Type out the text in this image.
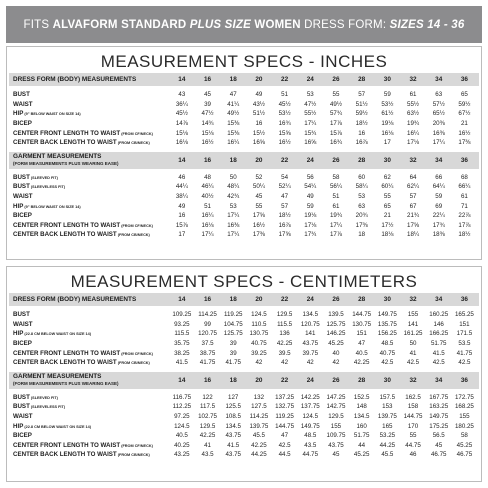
FITS
ALVAFORM STANDARD
PLUS SIZE
WOMEN
DRESS FORM:
SIZES 14 - 36
MEASUREMENT SPECS - INCHES
DRESS FORM (BODY) MEASUREMENTS	14	16	18	20	22	24	26	28	30	32	34	36
BUST	43	45	47	49	51	53	55	57	59	61	63	65
WAIST	36¼	39	41¼	43½	45½	47½	49½	51½	53½	55½	57½	59½
HIP (9" BELOW WAIST ON SIZE 14)	45½	47½	49½	51½	53½	55½	57¾	59½	61½	63½	65½	67½
BICEP	14⅞	14¾	15⅜	16	16¾	17¼	17⅞	18½	19⅛	19¾	20⅜	21
CENTER FRONT LENGTH TO WAIST (FROM CF/NECK)	15⅛	15⅛	15⅜	15½	15⅝	15¾	15⅞	16	16⅛	16¼	16⅜	16½
CENTER BACK LENGTH TO WAIST (FROM CB/NECK)	16⅛	16½	16¼	16⅝	16½	16⅝	16¾	16⅞	17	17⅛	17¼	17⅜
GARMENT MEASUREMENTS
(FORM MEASUREMENTS PLUS WEARING EASE)	14	16	18	20	22	24	26	28	30	32	34	36
BUST (SLEEVED FIT)	46	48	50	52	54	56	58	60	62	64	66	68
BUST (SLEEVELESS FIT)	44¼	46¼	48¼	50¼	52¼	54¼	56¼	58¼	60¼	62¼	64¼	66¼
WAIST	38¼	40½	42¾	45	47	49	51	53	55	57	59	61
HIP (9" BELOW WAIST ON SIZE 14)	49	51	53	55	57	59	61	63	65	67	69	71
BICEP	16	16¼	17¼	17⅝	18½	19⅛	19¾	20¾	21	21¾	22¼	22⅞
CENTER FRONT LENGTH TO WAIST (FROM CF/NECK)	15⅞	16⅛	16⅜	16½	16⅞	17⅛	17¼	17⅜	17½	17⅝	17¾	17⅞
CENTER BACK LENGTH TO WAIST (FROM CB/NECK)	17	17¼	17¼	17⅜	17⅝	17¾	17⅞	18	18⅛	18¼	18⅜	18½
MEASUREMENT SPECS - CENTIMETERS
DRESS FORM (BODY) MEASUREMENTS	14	16	18	20	22	24	26	28	30	32	34	36
BUST	109.25	114.25	119.25	124.5	129.5	134.5	139.5	144.75	149.75	155	160.25	165.25
WAIST	93.25	99	104.75	110.5	115.5	120.75	125.75	130.75	135.75	141	146	151
HIP (22.8 CM BELOW WAIST ON SIZE 14)	115.5	120.75	125.75	130.75	136	141	146.25	151	156.25	161.25	166.25	171.5
BICEP	35.75	37.5	39	40.75	42.25	43.75	45.25	47	48.5	50	51.75	53.5
CENTER FRONT LENGTH TO WAIST (FROM CF/NECK)	38.25	38.75	39	39.25	39.5	39.75	40	40.5	40.75	41	41.5	41.75
CENTER BACK LENGTH TO WAIST (FROM CB/NECK)	41.5	41.75	41.75	42	42	42	42	42.25	42.5	42.5	42.5	42.5
GARMENT MEASUREMENTS
(FORM MEASUREMENTS PLUS WEARING EASE)	14	16	18	20	22	24	26	28	30	32	34	36
BUST (SLEEVED FIT)	116.75	122	127	132	137.25	142.25	147.25	152.5	157.5	162.5	167.75	172.75
BUST (SLEEVELESS FIT)	112.25	117.5	125.5	127.5	132.75	137.75	142.75	148	153	158	163.25	168.25
WAIST	97.25	102.75	108.5	114.25	119.25	124.5	129.5	134.5	139.75	144.75	149.75	155
HIP (22.8 CM BELOW WAIST ON SIZE 14)	124.5	129.5	134.5	139.75	144.75	149.75	155	160	165	170	175.25	180.25
BICEP	40.5	42.25	43.75	45.5	47	48.5	109.75	51.75	53.25	55	56.5	58
CENTER FRONT LENGTH TO WAIST (FROM CF/NECK)	40.25	41	41.5	42.25	42.5	43.5	43.75	44	44.25	44.75	45	45.25
CENTER BACK LENGTH TO WAIST (FROM CB/NECK)	43.25	43.5	43.75	44.25	44.5	44.75	45	45.25	45.5	46	46.75	46.75
